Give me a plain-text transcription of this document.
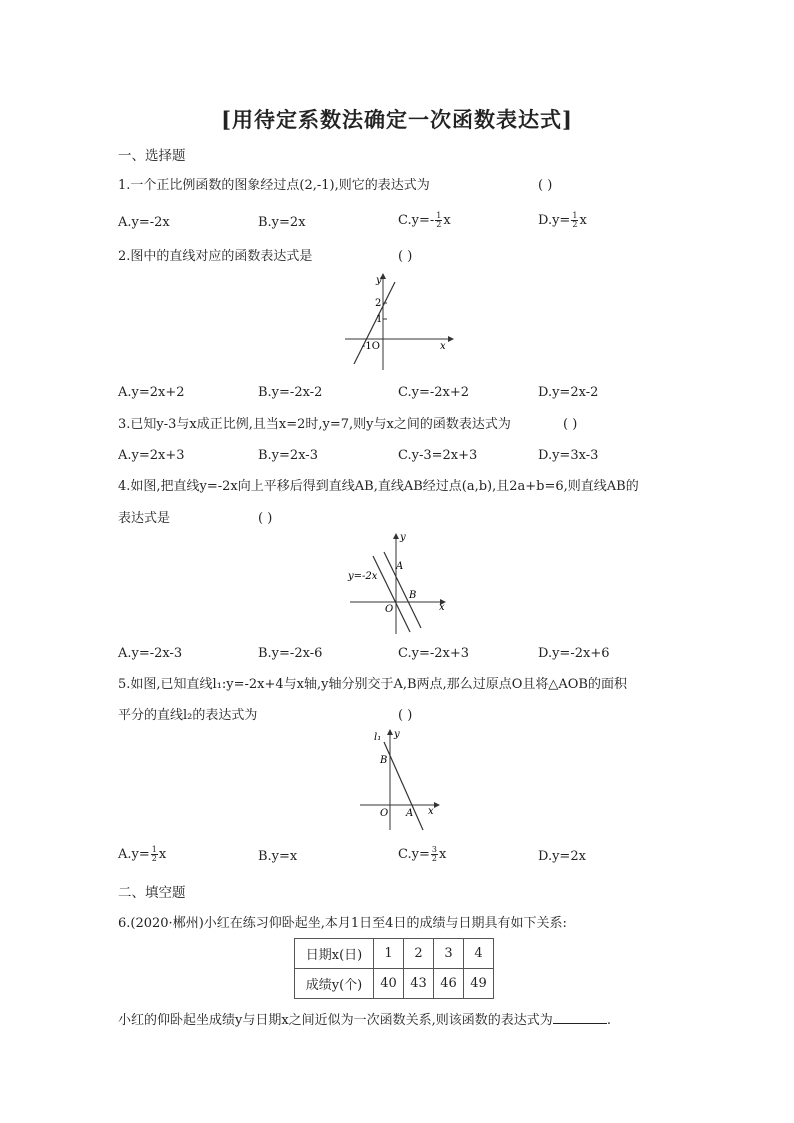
[用待定系数法确定一次函数表达式]
一、选择题
1.一个正比例函数的图象经过点(2,-1),则它的表达式为	( )
A.y=-2x	B.y=2x	$C.y=- \frac{1}{2}$ x	$D.y= \frac{1}{2}$ x
2.图中的直线对应的函数表达式是	( )
y
2
1
-1O	x
A.y=2x+2	B.y=-2x-2	C.y=-2x+2	D.y=2x-2
3.已知y-3与x成正比例,且当x=2时,y=7,则y与x之间的函数表达式为	( )
A.y=2x+3	B.y=2x-3	C.y-3=2x+3	D.y=3x-3
4.如图,把直线y=-2x向上平移后得到直线AB,直线AB经过点(a,b),且2a+b=6,则直线AB的
表达式是	( )
y
y=-2x
A
B
O	x
A.y=-2x-3	B.y=-2x-6	C.y=-2x+3	D.y=-2x+6
5.如图,已知直线l₁:y=-2x+4与x轴,y轴分别交于A,B两点,那么过原点O且将△AOB的面积
平分的直线l₂的表达式为	( )
l₁ y
B
O A x
$A.y= \frac{1}{2}$ x	B.y=x	$C.y= \frac{3}{2}$ x	D.y=2x
二、填空题
6.(2020·郴州)小红在练习仰卧起坐,本月1日至4日的成绩与日期具有如下关系:
日期x(日)	1	2	3	4
成绩y(个)	40	43	46	49
小红的仰卧起坐成绩y与日期x之间近似为一次函数关系,则该函数的表达式为	.
